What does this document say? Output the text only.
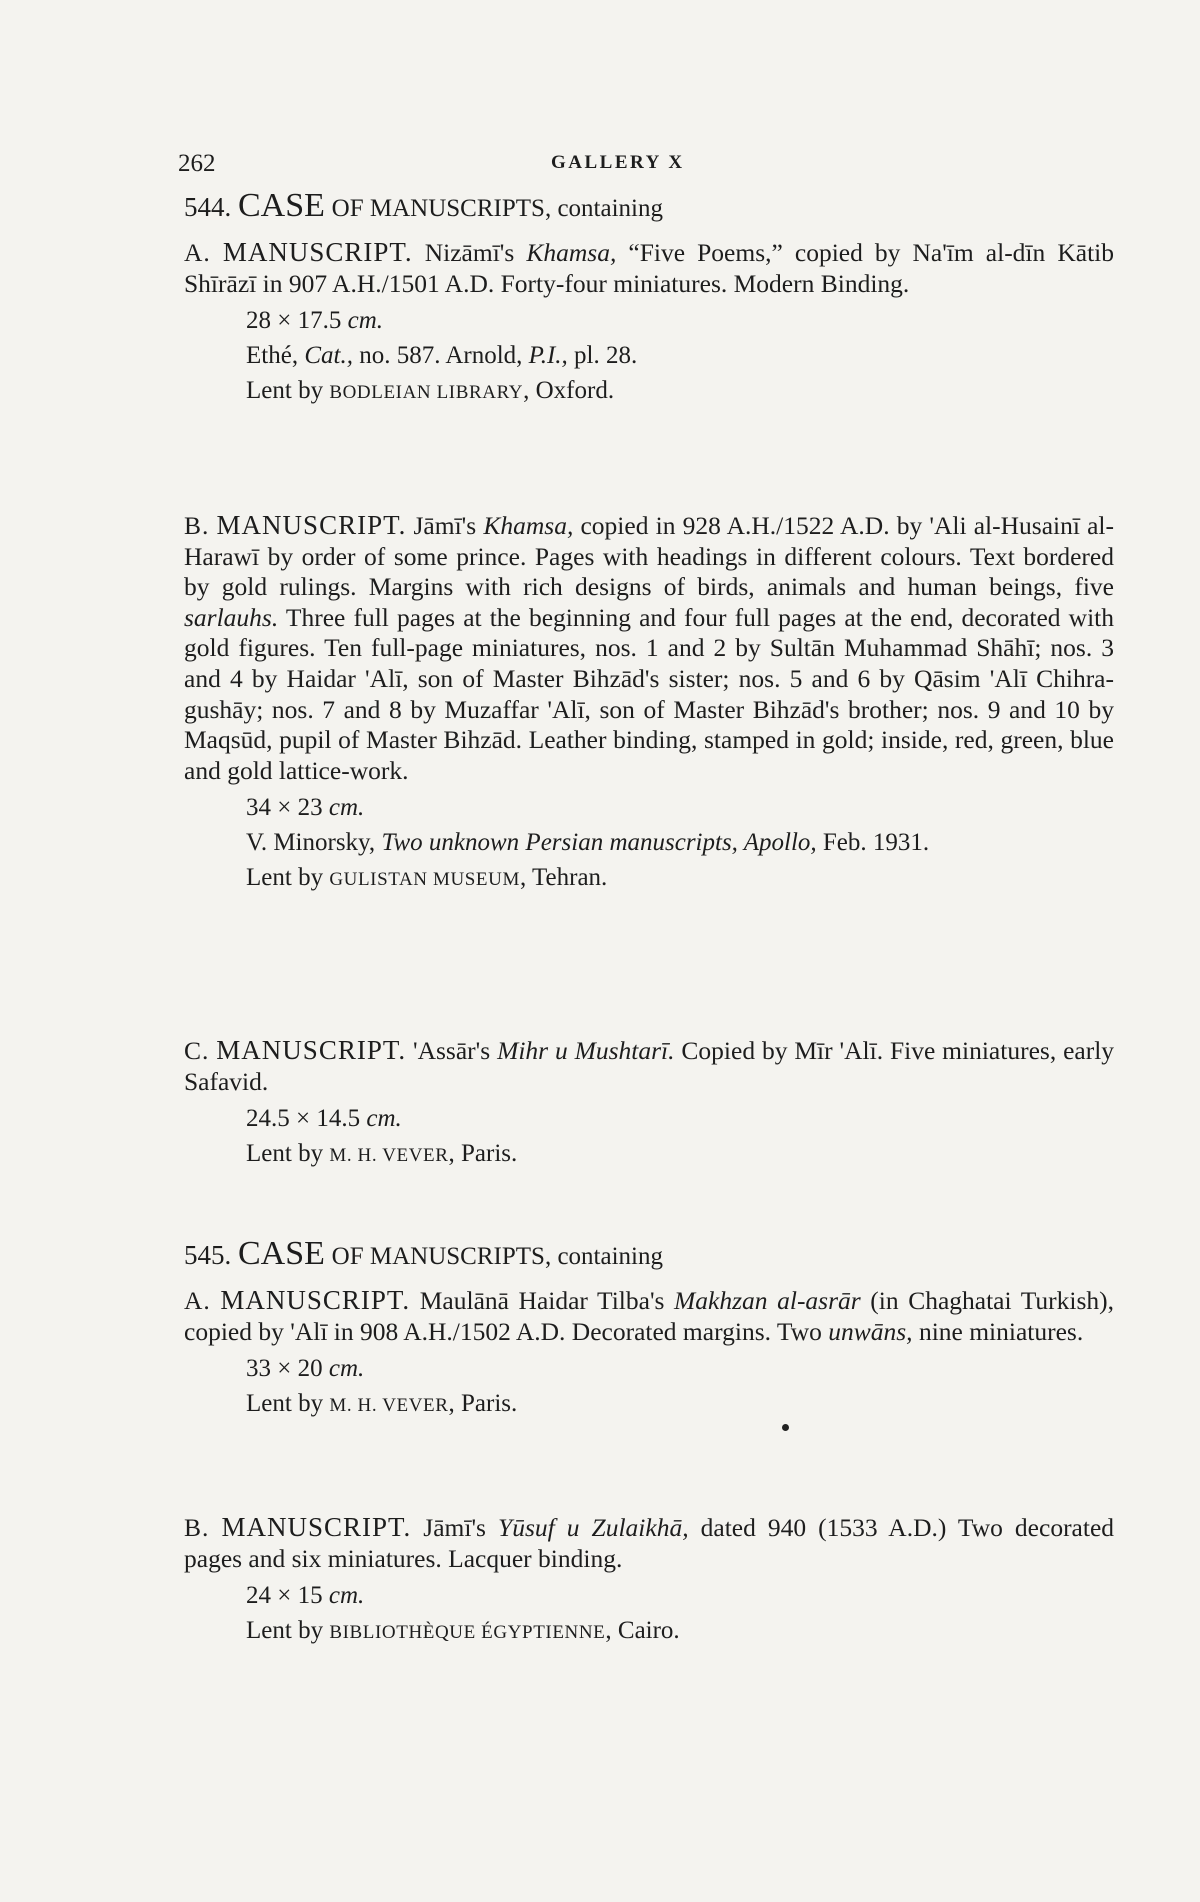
262	GALLERY X
544. CASE OF MANUSCRIPTS, containing

A. MANUSCRIPT. Nizāmī's Khamsa, “Five Poems,” copied by Na'īm al-dīn Kātib Shīrāzī in 907 A.H./1501 A.D. Forty-four miniatures. Modern Binding.

28 × 17.5 cm.
Ethé, Cat., no. 587. Arnold, P.I., pl. 28.
Lent by BODLEIAN LIBRARY, Oxford.

B. MANUSCRIPT. Jāmī's Khamsa, copied in 928 A.H./1522 A.D. by 'Ali al-Husainī al-Harawī by order of some prince. Pages with headings in different colours. Text bordered by gold rulings. Margins with rich designs of birds, animals and human beings, five sarlauhs. Three full pages at the beginning and four full pages at the end, decorated with gold figures. Ten full-page miniatures, nos. 1 and 2 by Sultān Muhammad Shāhī; nos. 3 and 4 by Haidar 'Alī, son of Master Bihzād's sister; nos. 5 and 6 by Qāsim 'Alī Chihra-gushāy; nos. 7 and 8 by Muzaffar 'Alī, son of Master Bihzād's brother; nos. 9 and 10 by Maqsūd, pupil of Master Bihzād. Leather binding, stamped in gold; inside, red, green, blue and gold lattice-work.

34 × 23 cm.
V. Minorsky, Two unknown Persian manuscripts, Apollo, Feb. 1931.
Lent by GULISTAN MUSEUM, Tehran.

C. MANUSCRIPT. 'Assār's Mihr u Mushtarī. Copied by Mīr 'Alī. Five miniatures, early Safavid.

24.5 × 14.5 cm.
Lent by M. H. VEVER, Paris.
545. CASE OF MANUSCRIPTS, containing

A. MANUSCRIPT. Maulānā Haidar Tilba's Makhzan al-asrār (in Chaghatai Turkish), copied by 'Alī in 908 A.H./1502 A.D. Decorated margins. Two unwāns, nine miniatures.

33 × 20 cm.
Lent by M. H. VEVER, Paris.

B. MANUSCRIPT. Jāmī's Yūsuf u Zulaikhā, dated 940 (1533 A.D.) Two decorated pages and six miniatures. Lacquer binding.

24 × 15 cm.
Lent by BIBLIOTHÈQUE ÉGYPTIENNE, Cairo.
